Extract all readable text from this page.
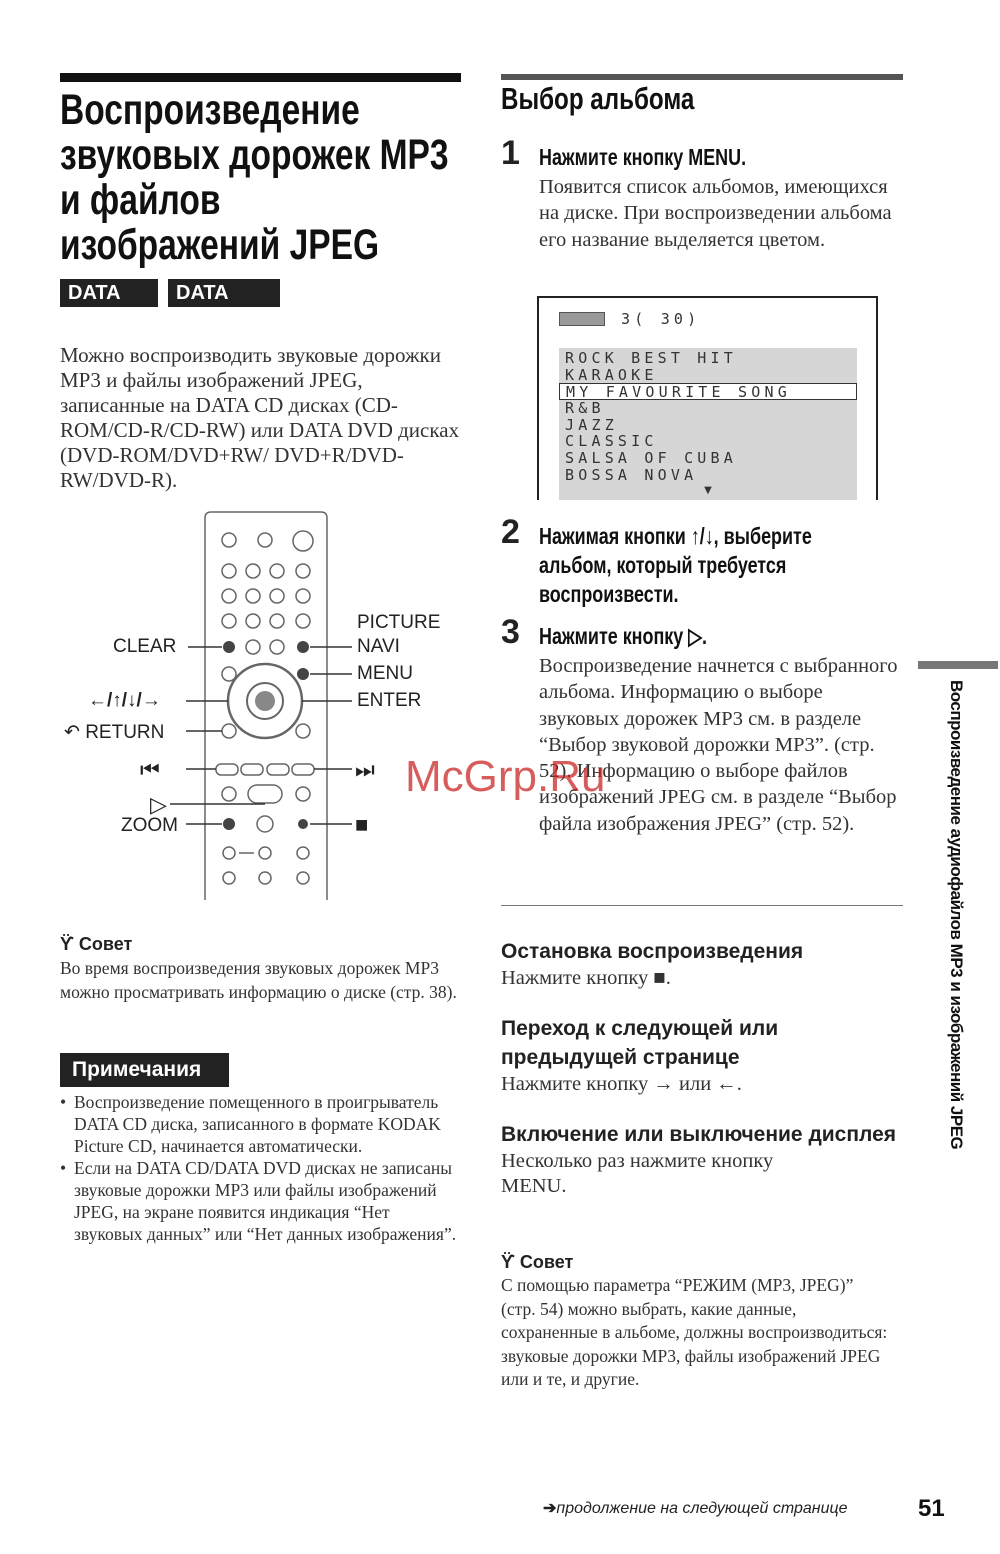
Воспроизведение
звуковых дорожек MP3
и файлов
изображений JPEG
DATA CD
DATA DVD
Можно воспроизводить звуковые дорожки MP3 и файлы изображений JPEG, записанные на DATA CD дисках (CD-ROM/CD-R/CD-RW) или DATA DVD дисках (DVD-ROM/DVD+RW/ DVD+R/DVD-RW/DVD-R).
PICTURE
NAVI
CLEAR
MENU
←/↑/↓/→	ENTER
↶ RETURN
⏮	⏭
▷
ZOOM	■
ϔ Совет
Во время воспроизведения звуковых дорожек MP3 можно просматривать информацию о диске (стр. 38).
Примечания
• Воспроизведение помещенного в проигрыватель DATA CD диска, записанного в формате KODAK Picture CD, начинается автоматически.
• Если на DATA CD/DATA DVD дисках не записаны звуковые дорожки MP3 или файлы изображений JPEG, на экране появится индикация “Нет звуковых данных” или “Нет данных изображения”.
Выбор альбома
1 Нажмите кнопку MENU.
Появится список альбомов, имеющихся на диске. При воспроизведении альбома его название выделяется цветом.
3( 30)
ROCK BEST HIT
KARAOKE
MY FAVOURITE SONG
R&B
JAZZ
CLASSIC
SALSA OF CUBA
BOSSA NOVA
▼
2 Нажимая кнопки ↑/↓, выберите альбом, который требуется воспроизвести.
3 Нажмите кнопку ▷.
Воспроизведение начнется с выбранного альбома. Информацию о выборе звуковых дорожек MP3 см. в разделе “Выбор звуковой дорожки MP3”. (стр. 52). Информацию о выборе файлов изображений JPEG см. в разделе “Выбор файла изображения JPEG” (стр. 52).
Остановка воспроизведения
Нажмите кнопку ■.
Переход к следующей или предыдущей странице
Нажмите кнопку → или ←.
Включение или выключение дисплея
Несколько раз нажмите кнопку MENU.
ϔ Совет
С помощью параметра “РЕЖИМ (MP3, JPEG)” (стр. 54) можно выбрать, какие данные, сохраненные в альбоме, должны воспроизводиться: звуковые дорожки MP3, файлы изображений JPEG или и те, и другие.
Воспроизведение аудиофайлов MP3 и изображений JPEG
McGrp.Ru
➔продолжение на следующей странице	51
